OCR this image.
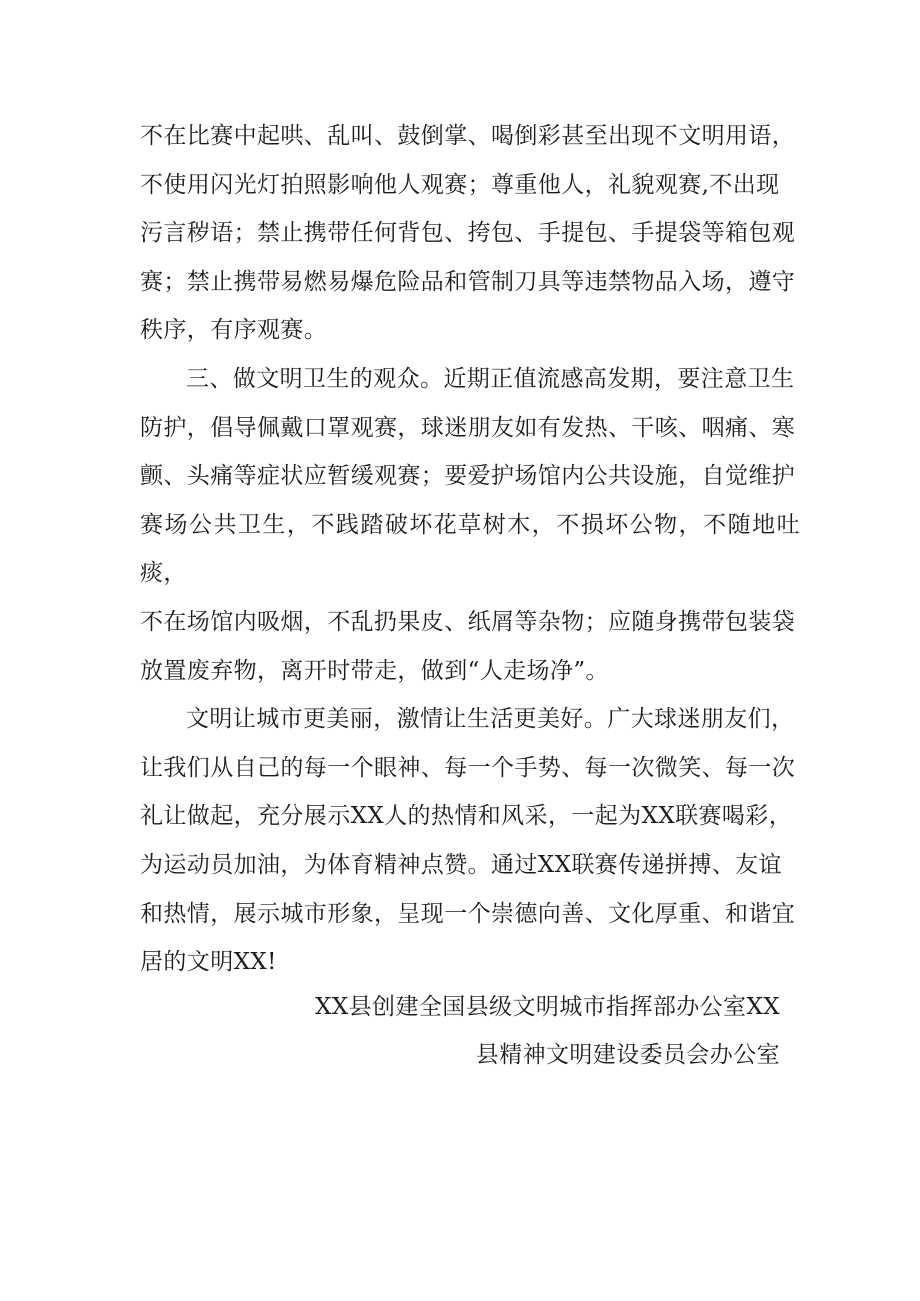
不在比赛中起哄、乱叫、鼓倒掌、喝倒彩甚至出现不文明用语，
不使用闪光灯拍照影响他人观赛；尊重他人，礼貌观赛,不出现
污言秽语；禁止携带任何背包、挎包、手提包、手提袋等箱包观
赛；禁止携带易燃易爆危险品和管制刀具等违禁物品入场，遵守
秩序，有序观赛。

三、做文明卫生的观众。近期正值流感高发期，要注意卫生
防护，倡导佩戴口罩观赛，球迷朋友如有发热、干咳、咽痛、寒
颤、头痛等症状应暂缓观赛；要爱护场馆内公共设施，自觉维护
赛场公共卫生，不践踏破坏花草树木，不损坏公物，不随地吐痰，
不在场馆内吸烟，不乱扔果皮、纸屑等杂物；应随身携带包装袋
放置废弃物，离开时带走，做到“人走场净”。

文明让城市更美丽，激情让生活更美好。广大球迷朋友们，
让我们从自己的每一个眼神、每一个手势、每一次微笑、每一次
礼让做起，充分展示XX人的热情和风采，一起为XX联赛喝彩，
为运动员加油，为体育精神点赞。通过XX联赛传递拼搏、友谊
和热情，展示城市形象，呈现一个崇德向善、文化厚重、和谐宜
居的文明XX!

XX县创建全国县级文明城市指挥部办公室XX
县精神文明建设委员会办公室
